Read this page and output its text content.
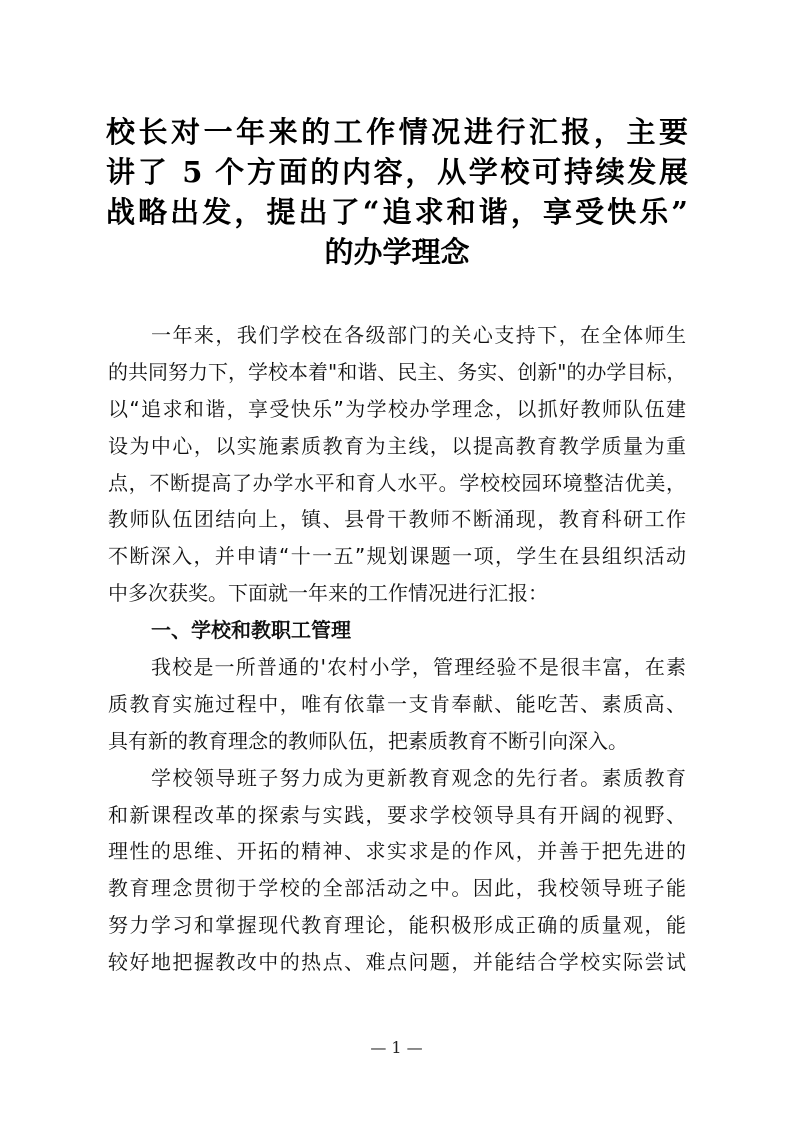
校长对一年来的工作情况进行汇报，主要
讲了 5 个方面的内容，从学校可持续发展
战略出发，提出了“追求和谐，享受快乐”
的办学理念
一年来，我们学校在各级部门的关心支持下，在全体师生
的共同努力下，学校本着"和谐、民主、务实、创新"的办学目标，
以“追求和谐，享受快乐”为学校办学理念，以抓好教师队伍建
设为中心，以实施素质教育为主线，以提高教育教学质量为重
点，不断提高了办学水平和育人水平。学校校园环境整洁优美，
教师队伍团结向上，镇、县骨干教师不断涌现，教育科研工作
不断深入，并申请“十一五”规划课题一项，学生在县组织活动
中多次获奖。下面就一年来的工作情况进行汇报：
一、学校和教职工管理
我校是一所普通的'农村小学，管理经验不是很丰富，在素
质教育实施过程中，唯有依靠一支肯奉献、能吃苦、素质高、
具有新的教育理念的教师队伍，把素质教育不断引向深入。
学校领导班子努力成为更新教育观念的先行者。素质教育
和新课程改革的探索与实践，要求学校领导具有开阔的视野、
理性的思维、开拓的精神、求实求是的作风，并善于把先进的
教育理念贯彻于学校的全部活动之中。因此，我校领导班子能
努力学习和掌握现代教育理论，能积极形成正确的质量观，能
较好地把握教改中的热点、难点问题，并能结合学校实际尝试
— 1 —
